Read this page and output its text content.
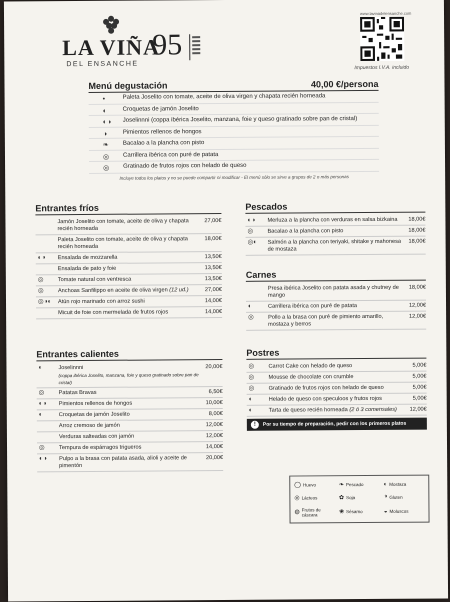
LA VIÑA
DEL ENSANCHE
95
www.lavinadelensanche.com
Impuestos I.V.A. incluido
Menú degustación	40,00 €/persona
•	Paleta Joselito con tomate, aceite de oliva virgen y chapata recién horneada
◐	Croquetas de jamón Joselito
◐◑ Joselinnni (coppa ibérica Joselito, manzana, foie y queso gratinado sobre pan de cristal)
◑	Pimientos rellenos de hongos
❧ Bacalao a la plancha con pisto
◎ Carrillera ibérica con puré de patata
◎ Gratinado de frutos rojos con helado de queso
Incluye todos los platos y no se puede compartir ni modificar - El menú sólo se sirve a grupos de 2 o más personas
Entrantes fríos
Jamón Joselito con tomate, aceite de oliva y chapata recién horneada
27,00€
Paleta Joselito con tomate, aceite de oliva y chapata recién horneada
18,00€
◐◑ Ensalada de mozzarella	13,50€
Ensalada de pato y foie	13,50€
◎	Tomate natural con ventresca	13,50€
◎	Anchoas Sanfilippo en aceite de oliva virgen (12 ud.)	27,00€
◎◑◐ Atún rojo marinado con arroz sushi	14,00€
Micuit de foie con mermelada de frutos rojos	14,00€
Entrantes calientes
◐	Joselinnni
(coppa ibérica Joselito, manzana, foie y queso gratinado sobre pan de cristal)
20,00€
◎	Patatas Bravas	6,50€
◐◑ Pimientos rellenos de hongos	10,00€
◐	Croquetas de jamón Joselito	8,00€
Arroz cremoso de jamón	12,00€
Verduras salteadas con jamón	12,00€
◎	Tempura de espárragos trigueros	14,00€
◐◑ Pulpo a la brasa con patata asada, alioli y aceite de pimentón
20,00€
Pescados
◐◑ Merluza a la plancha con verduras en salsa bizkaina	18,00€
◎	Bacalao a la plancha con pisto	18,00€
◎◐ Salmón a la plancha con teriyaki, shitake y mahonesa de mostaza
18,00€
Carnes
Presa ibérica Joselito con patata asada y chutney de mango
18,00€
◐	Carrillera ibérica con puré de patata	12,00€
◎	Pollo a la brasa con puré de pimiento amarillo, mostaza y berros
12,00€
Postres
◎	Carrot Cake con helado de queso	5,00€
◎	Mousse de chocolate con crumble	5,00€
◎	Gratinado de frutos rojos con helado de queso	5,00€
◐	Helado de queso con speculoos y frutos rojos	5,00€
◐	Tarta de queso recién horneada (2 ó 3 comensales)	12,00€
!	Por su tiempo de preparación, pedir con los primeros platos
◯ Huevo	❧ Pescado	◐ Mostaza
◎ Lácteos	✿ Soja	◑ Gluten
◍
Frutos de cáscara	❀ Sésamo	◒ Moluscos
